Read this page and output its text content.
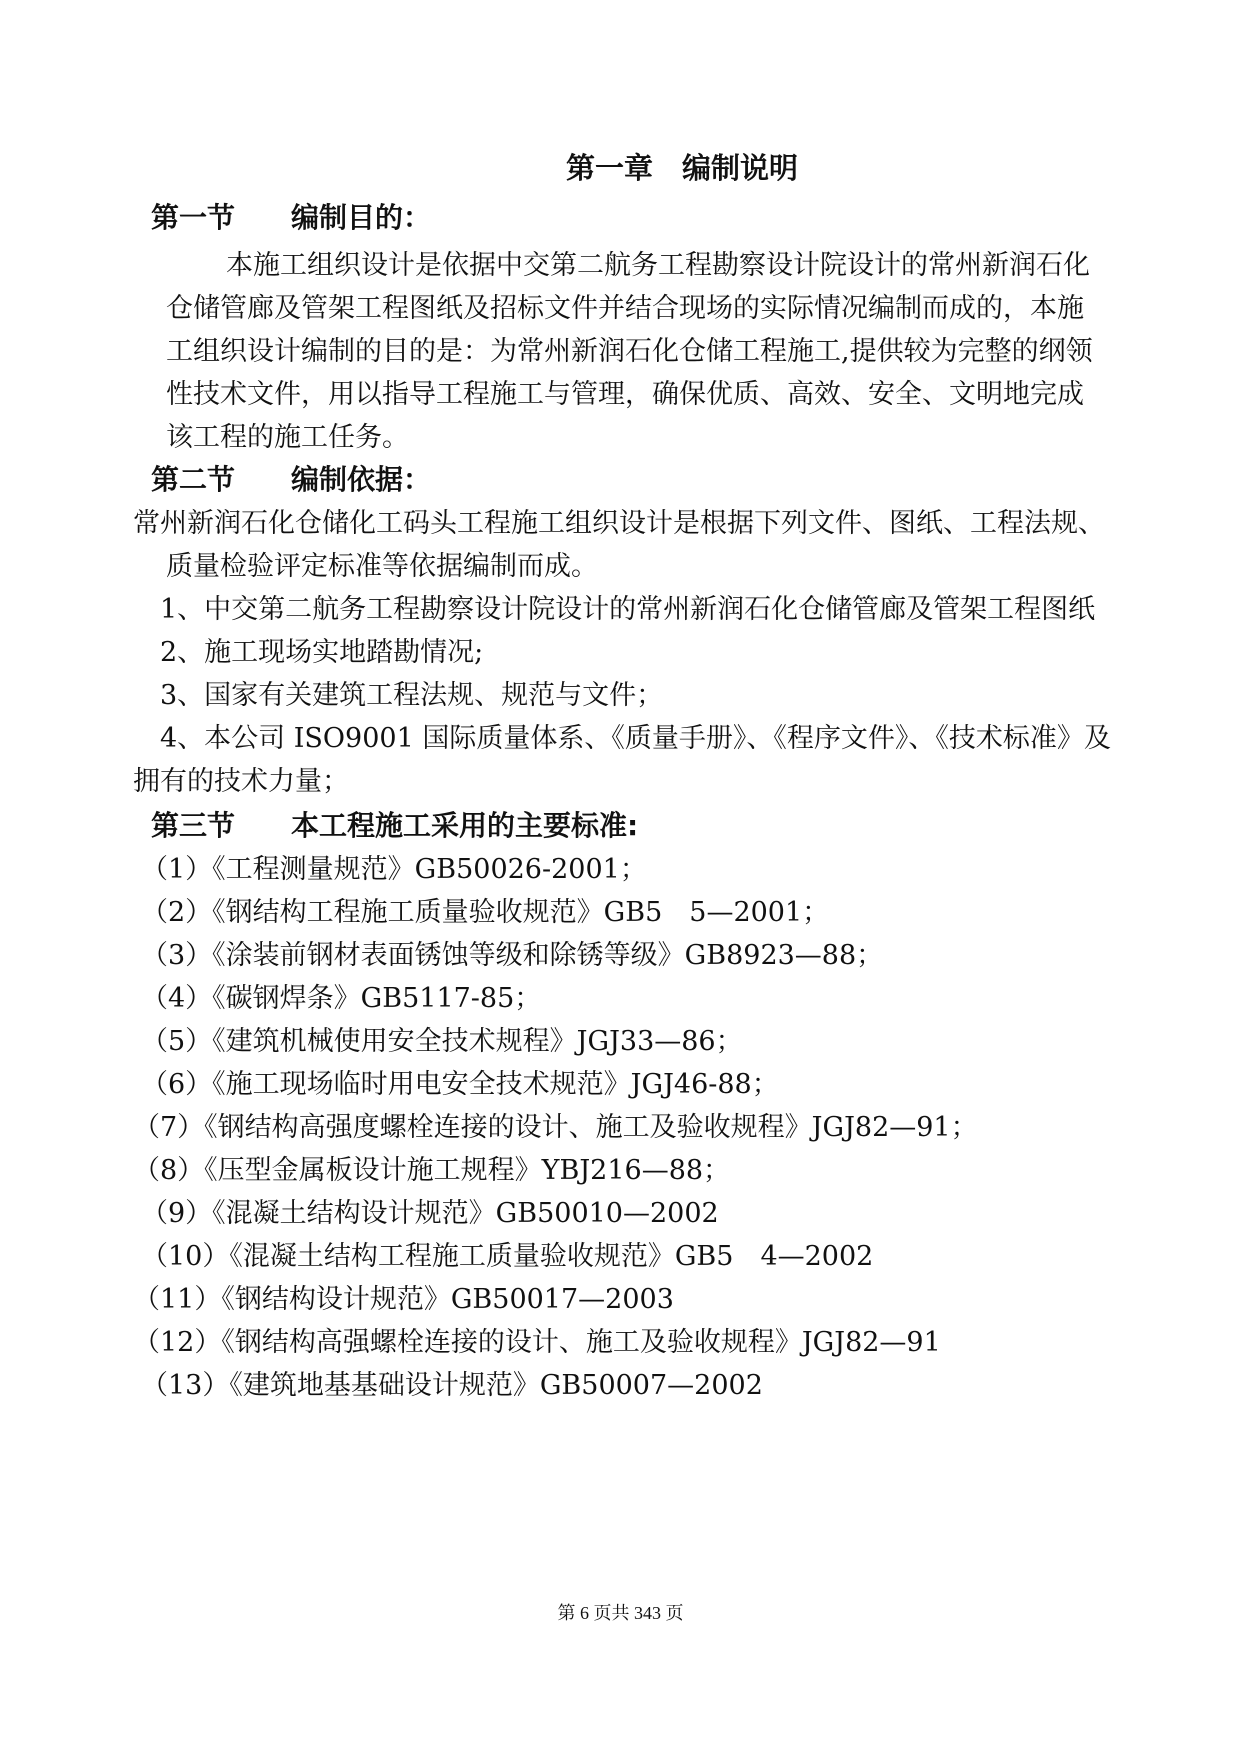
第一章　编制说明
第一节　　编制目的：
本施工组织设计是依据中交第二航务工程勘察设计院设计的常州新润石化
仓储管廊及管架工程图纸及招标文件并结合现场的实际情况编制而成的，本施
工组织设计编制的目的是：为常州新润石化仓储工程施工,提供较为完整的纲领
性技术文件，用以指导工程施工与管理，确保优质、高效、安全、文明地完成
该工程的施工任务。
第二节　　编制依据：
常州新润石化仓储化工码头工程施工组织设计是根据下列文件、图纸、工程法规、
质量检验评定标准等依据编制而成。
1、中交第二航务工程勘察设计院设计的常州新润石化仓储管廊及管架工程图纸
2、施工现场实地踏勘情况;
3、国家有关建筑工程法规、规范与文件；
4、本公司 ISO9001 国际质量体系、《质量手册》、《程序文件》、《技术标准》及
拥有的技术力量；
第三节　　本工程施工采用的主要标准:
（1）《工程测量规范》GB50026-2001；
（2）《钢结构工程施工质量验收规范》GB5　5—2001；
（3）《涂装前钢材表面锈蚀等级和除锈等级》GB8923—88；
（4）《碳钢焊条》GB5117-85；
（5）《建筑机械使用安全技术规程》JGJ33—86；
（6）《施工现场临时用电安全技术规范》JGJ46-88；
（7）《钢结构高强度螺栓连接的设计、施工及验收规程》JGJ82—91；
（8）《压型金属板设计施工规程》YBJ216—88；
（9）《混凝土结构设计规范》GB50010—2002
（10）《混凝土结构工程施工质量验收规范》GB5　4—2002
（11）《钢结构设计规范》GB50017—2003
（12）《钢结构高强螺栓连接的设计、施工及验收规程》JGJ82—91
（13）《建筑地基基础设计规范》GB50007—2002
第 6 页共 343 页
